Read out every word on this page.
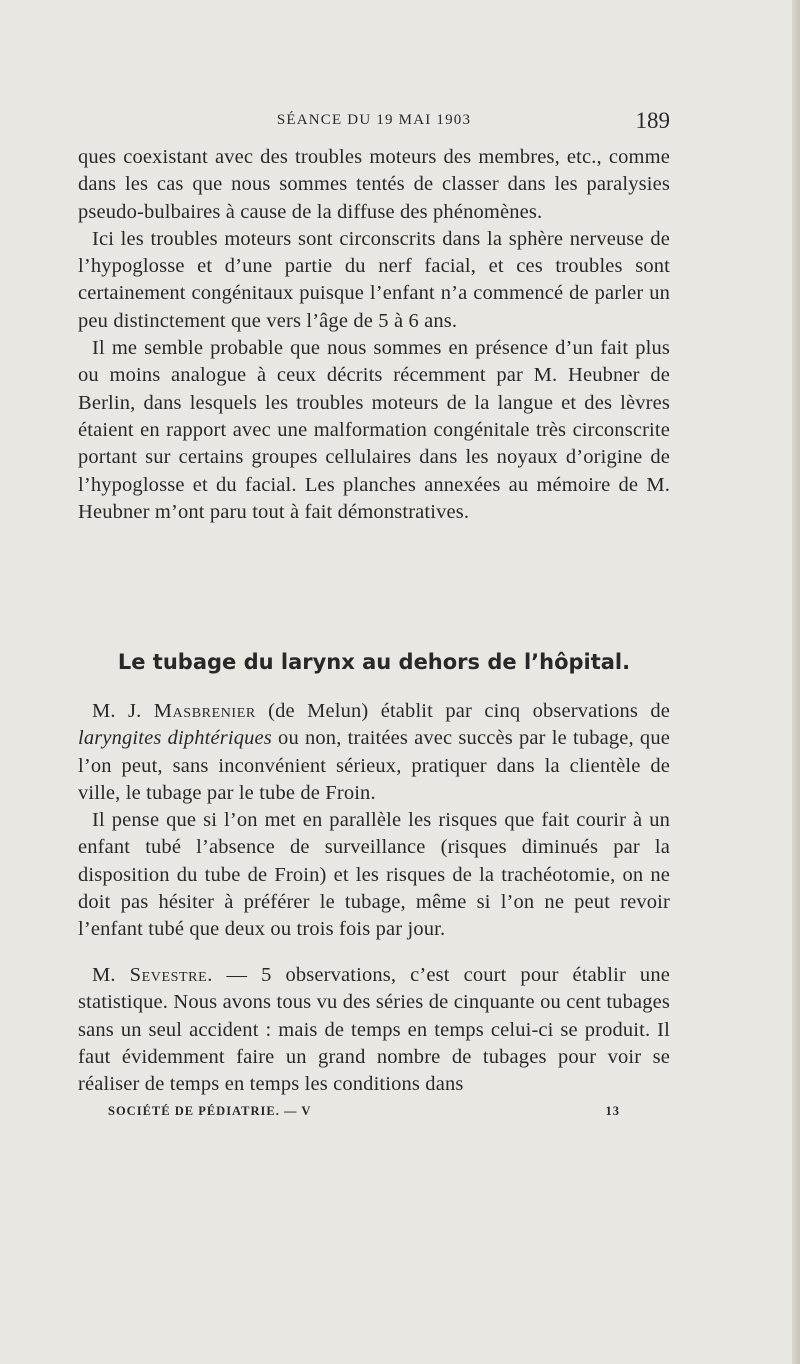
SÉANCE DU 19 MAI 1903	189

ques coexistant avec des troubles moteurs des membres, etc., comme dans les cas que nous sommes tentés de classer dans les paralysies pseudo-bulbaires à cause de la diffuse des phénomènes.

Ici les troubles moteurs sont circonscrits dans la sphère nerveuse de l’hypoglosse et d’une partie du nerf facial, et ces troubles sont certainement congénitaux puisque l’enfant n’a commencé de parler un peu distinctement que vers l’âge de 5 à 6 ans.

Il me semble probable que nous sommes en présence d’un fait plus ou moins analogue à ceux décrits récemment par M. Heubner de Berlin, dans lesquels les troubles moteurs de la langue et des lèvres étaient en rapport avec une malformation congénitale très circonscrite portant sur certains groupes cellulaires dans les noyaux d’origine de l’hypoglosse et du facial. Les planches annexées au mémoire de M. Heubner m’ont paru tout à fait démonstratives.

Le tubage du larynx au dehors de l’hôpital.

M. J. Masbrenier (de Melun) établit par cinq observations de laryngites diphtériques ou non, traitées avec succès par le tubage, que l’on peut, sans inconvénient sérieux, pratiquer dans la clientèle de ville, le tubage par le tube de Froin.

Il pense que si l’on met en parallèle les risques que fait courir à un enfant tubé l’absence de surveillance (risques diminués par la disposition du tube de Froin) et les risques de la trachéotomie, on ne doit pas hésiter à préférer le tubage, même si l’on ne peut revoir l’enfant tubé que deux ou trois fois par jour.

M. Sevestre. — 5 observations, c’est court pour établir une statistique. Nous avons tous vu des séries de cinquante ou cent tubages sans un seul accident : mais de temps en temps celui-ci se produit. Il faut évidemment faire un grand nombre de tubages pour voir se réaliser de temps en temps les conditions dans

SOCIÉTÉ DE PÉDIATRIE. — V	13
